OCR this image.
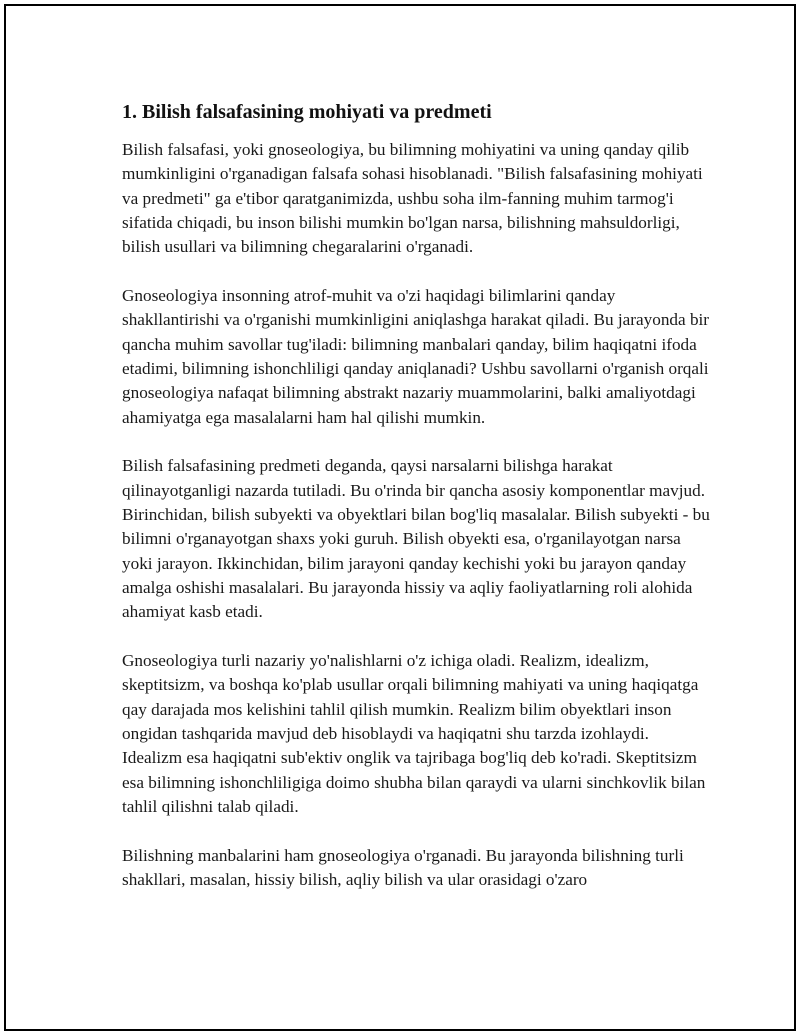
1. Bilish falsafasining mohiyati va predmeti

Bilish falsafasi, yoki gnoseologiya, bu bilimning mohiyatini va uning qanday qilib mumkinligini o'rganadigan falsafa sohasi hisoblanadi. "Bilish falsafasining mohiyati va predmeti" ga e'tibor qaratganimizda, ushbu soha ilm-fanning muhim tarmog'i sifatida chiqadi, bu inson bilishi mumkin bo'lgan narsa, bilishning mahsuldorligi, bilish usullari va bilimning chegaralarini o'rganadi.

Gnoseologiya insonning atrof-muhit va o'zi haqidagi bilimlarini qanday shakllantirishi va o'rganishi mumkinligini aniqlashga harakat qiladi. Bu jarayonda bir qancha muhim savollar tug'iladi: bilimning manbalari qanday, bilim haqiqatni ifoda etadimi, bilimning ishonchliligi qanday aniqlanadi? Ushbu savollarni o'rganish orqali gnoseologiya nafaqat bilimning abstrakt nazariy muammolarini, balki amaliyotdagi ahamiyatga ega masalalarni ham hal qilishi mumkin.

Bilish falsafasining predmeti deganda, qaysi narsalarni bilishga harakat qilinayotganligi nazarda tutiladi. Bu o'rinda bir qancha asosiy komponentlar mavjud. Birinchidan, bilish subyekti va obyektlari bilan bog'liq masalalar. Bilish subyekti - bu bilimni o'rganayotgan shaxs yoki guruh. Bilish obyekti esa, o'rganilayotgan narsa yoki jarayon. Ikkinchidan, bilim jarayoni qanday kechishi yoki bu jarayon qanday amalga oshishi masalalari. Bu jarayonda hissiy va aqliy faoliyatlarning roli alohida ahamiyat kasb etadi.

Gnoseologiya turli nazariy yo'nalishlarni o'z ichiga oladi. Realizm, idealizm, skeptitsizm, va boshqa ko'plab usullar orqali bilimning mahiyati va uning haqiqatga qay darajada mos kelishini tahlil qilish mumkin. Realizm bilim obyektlari inson ongidan tashqarida mavjud deb hisoblaydi va haqiqatni shu tarzda izohlaydi. Idealizm esa haqiqatni sub'ektiv onglik va tajribaga bog'liq deb ko'radi. Skeptitsizm esa bilimning ishonchliligiga doimo shubha bilan qaraydi va ularni sinchkovlik bilan tahlil qilishni talab qiladi.

Bilishning manbalarini ham gnoseologiya o'rganadi. Bu jarayonda bilishning turli shakllari, masalan, hissiy bilish, aqliy bilish va ular orasidagi o'zaro
